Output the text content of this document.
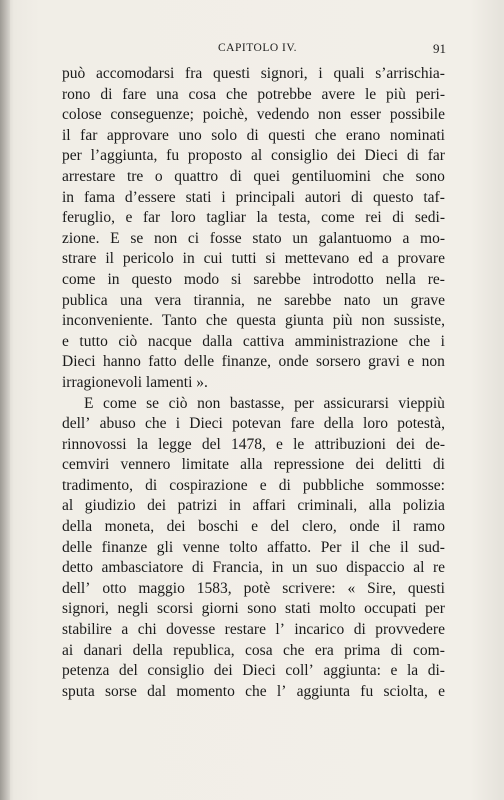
CAPITOLO IV.	91
può accomodarsi fra questi signori, i quali s’arrischia-
rono di fare una cosa che potrebbe avere le più peri-
colose conseguenze; poichè, vedendo non esser possibile
il far approvare uno solo di questi che erano nominati
per l’aggiunta, fu proposto al consiglio dei Dieci di far
arrestare tre o quattro di quei gentiluomini che sono
in fama d’essere stati i principali autori di questo taf-
feruglio, e far loro tagliar la testa, come rei di sedi-
zione. E se non ci fosse stato un galantuomo a mo-
strare il pericolo in cui tutti si mettevano ed a provare
come in questo modo si sarebbe introdotto nella re-
publica una vera tirannia, ne sarebbe nato un grave
inconveniente. Tanto che questa giunta più non sussiste,
e tutto ciò nacque dalla cattiva amministrazione che i
Dieci hanno fatto delle finanze, onde sorsero gravi e non
irragionevoli lamenti ».
E come se ciò non bastasse, per assicurarsi vieppiù
dell’ abuso che i Dieci potevan fare della loro potestà,
rinnovossi la legge del 1478, e le attribuzioni dei de-
cemviri vennero limitate alla repressione dei delitti di
tradimento, di cospirazione e di pubbliche sommosse:
al giudizio dei patrizi in affari criminali, alla polizia
della moneta, dei boschi e del clero, onde il ramo
delle finanze gli venne tolto affatto. Per il che il sud-
detto ambasciatore di Francia, in un suo dispaccio al re
dell’ otto maggio 1583, potè scrivere: « Sire, questi
signori, negli scorsi giorni sono stati molto occupati per
stabilire a chi dovesse restare l’ incarico di provvedere
ai danari della republica, cosa che era prima di com-
petenza del consiglio dei Dieci coll’ aggiunta: e la di-
sputa sorse dal momento che l’ aggiunta fu sciolta, e
